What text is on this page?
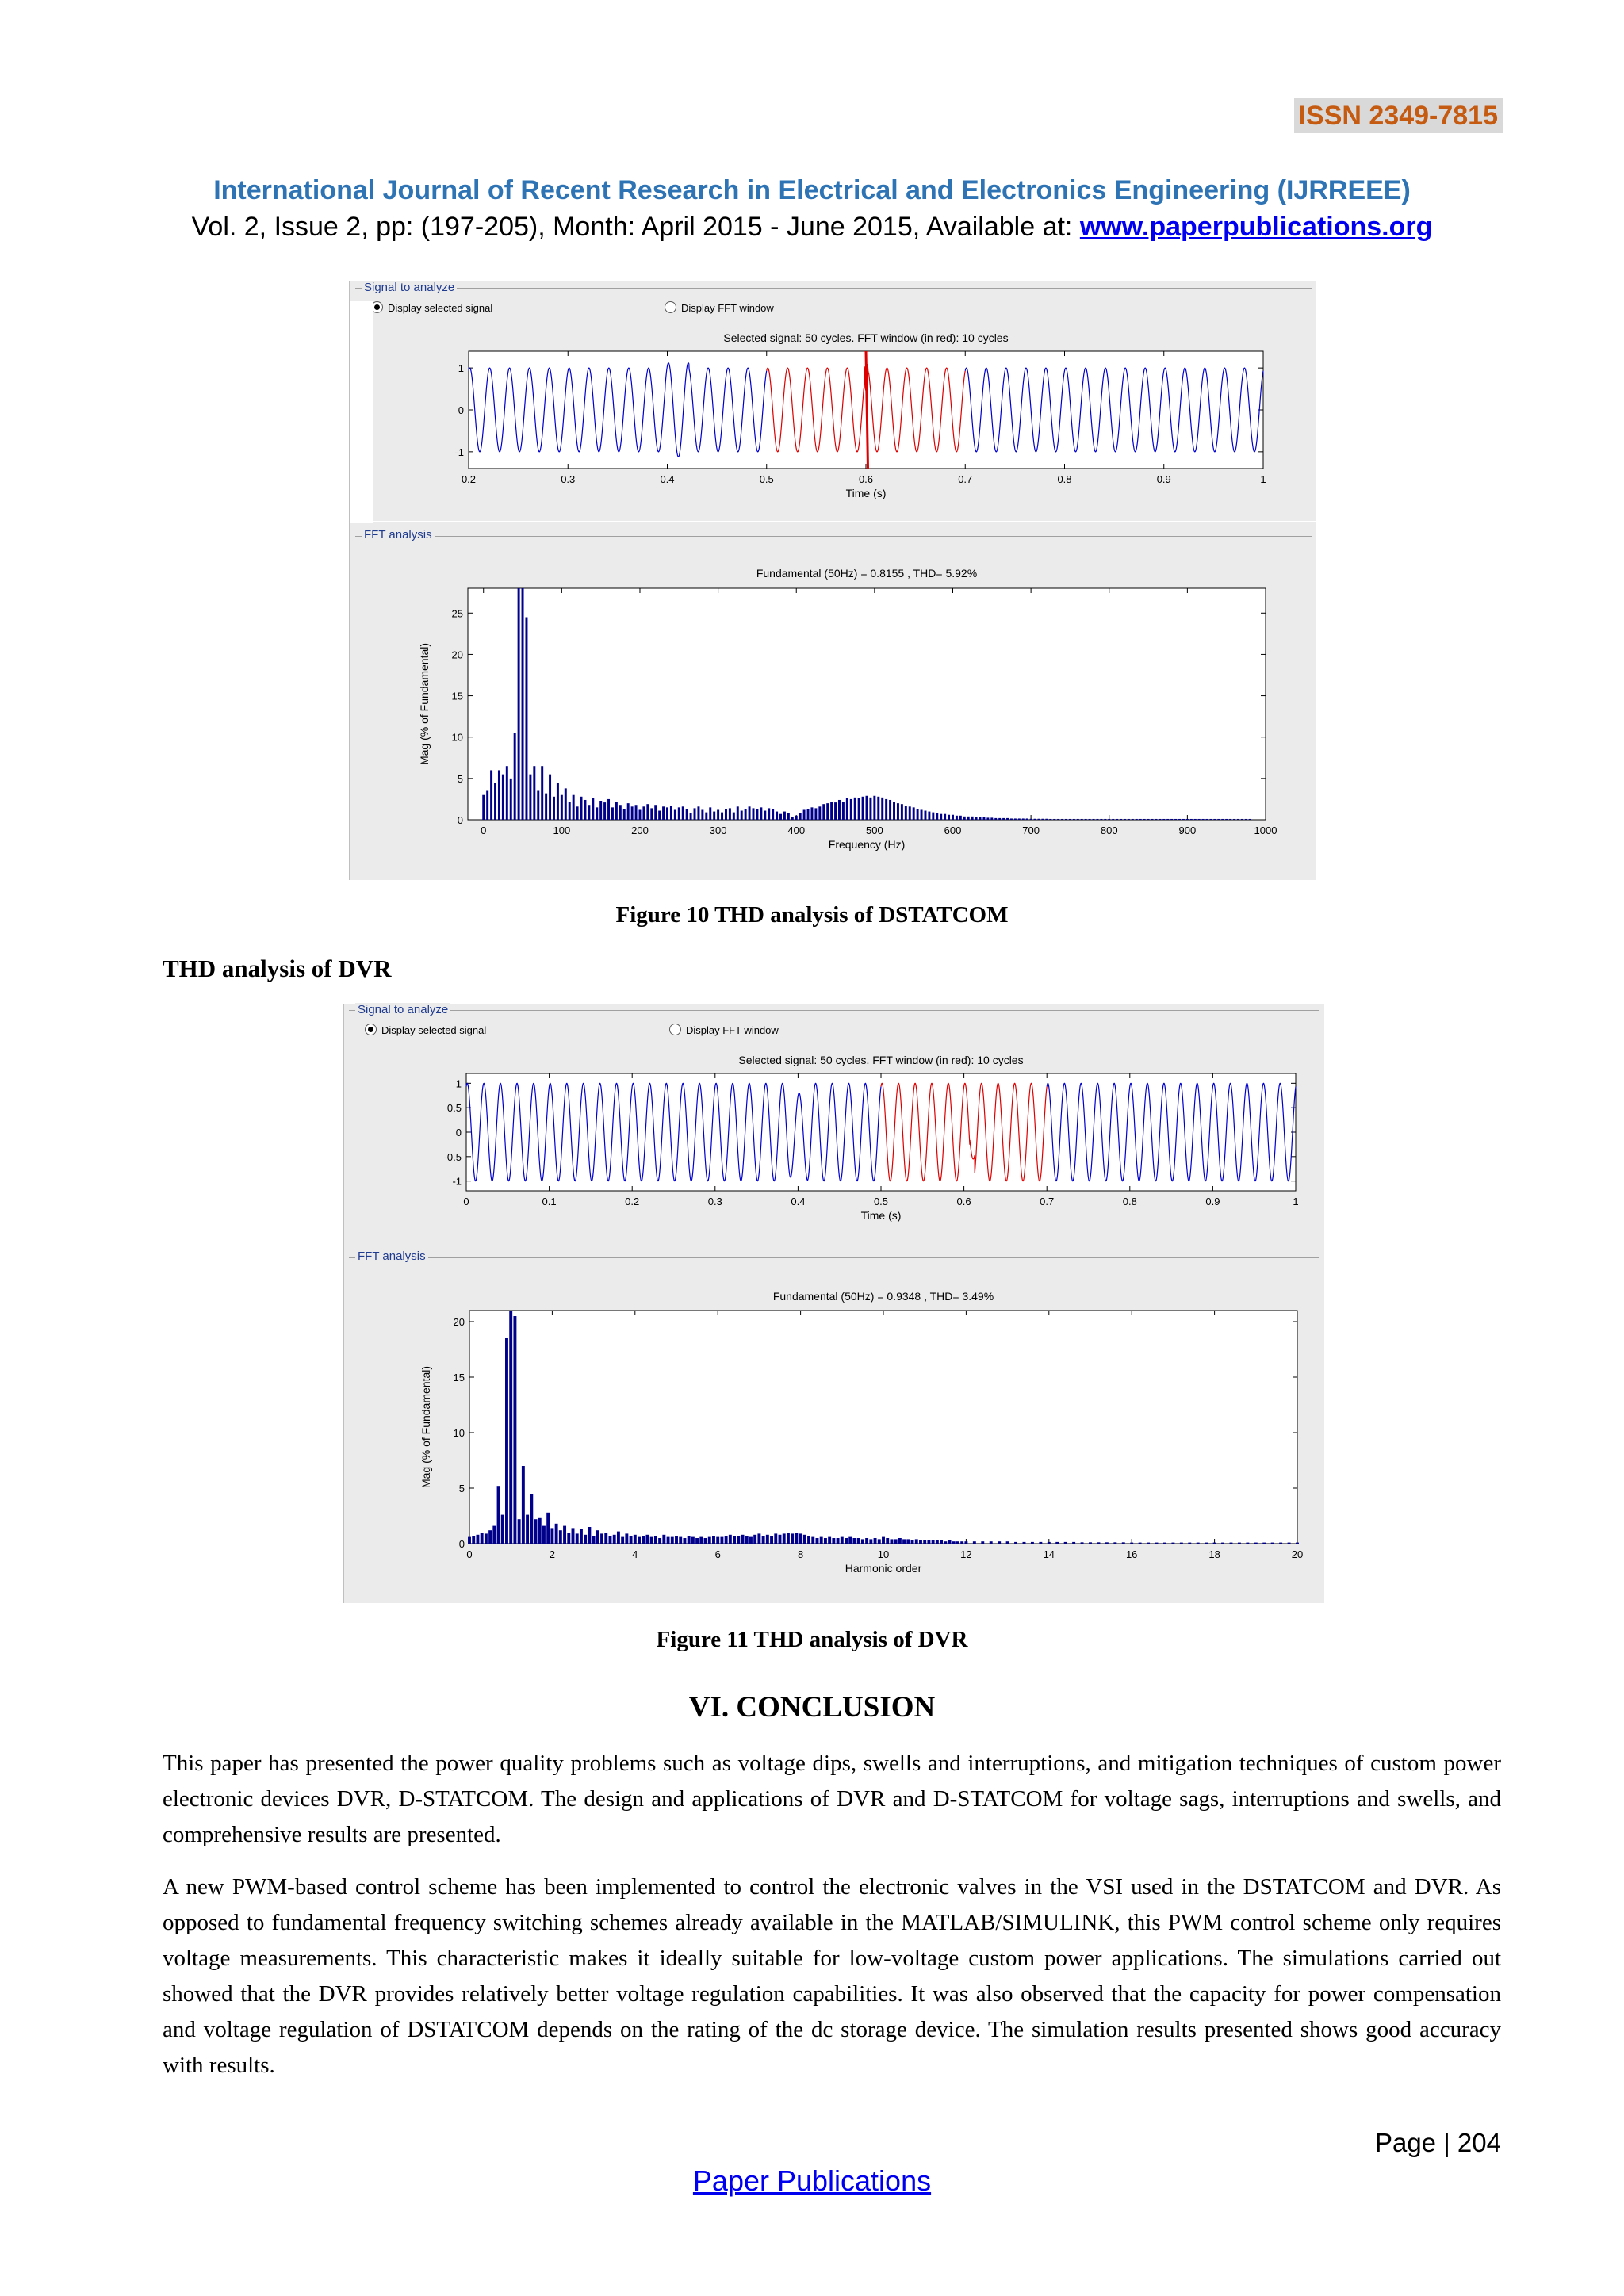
ISSN 2349-7815
International Journal of Recent Research in Electrical and Electronics Engineering (IJRREEE)
Vol. 2, Issue 2, pp: (197-205), Month: April 2015 - June 2015, Available at: www.paperpublications.org
Signal to analyze
Display selected signal	Display FFT window
FFT analysis
Selected signal: 50 cycles. FFT window (in red): 10 cycles
0.2	0.3	0.4	0.5	0.6	0.7	0.8	0.9	1
-1
0
1
Time (s)
Fundamental (50Hz) = 0.8155 , THD= 5.92%
0	100	200	300	400	500	600	700	800	900	1000
0
5
10
15
20
25
Frequency (Hz)
Mag (% of Fundamental)
Figure 10 THD analysis of DSTATCOM
THD analysis of DVR
Signal to analyze
Display selected signal	Display FFT window
FFT analysis
Selected signal: 50 cycles. FFT window (in red): 10 cycles
0	0.1	0.2	0.3	0.4	0.5	0.6	0.7	0.8	0.9	1
-1
-0.5
0
0.5
1
Time (s)
Fundamental (50Hz) = 0.9348 , THD= 3.49%
0	2	4	6	8	10	12	14	16	18	20
0
5
10
15
20
Harmonic order
Mag (% of Fundamental)
Figure 11 THD analysis of DVR
VI. CONCLUSION
This paper has presented the power quality problems such as voltage dips, swells and interruptions, and mitigation techniques of custom power electronic devices DVR, D-STATCOM. The design and applications of DVR and D-STATCOM for voltage sags, interruptions and swells, and comprehensive results are presented.
A new PWM-based control scheme has been implemented to control the electronic valves in the VSI used in the DSTATCOM and DVR. As opposed to fundamental frequency switching schemes already available in the MATLAB/SIMULINK, this PWM control scheme only requires voltage measurements. This characteristic makes it ideally suitable for low-voltage custom power applications. The simulations carried out showed that the DVR provides relatively better voltage regulation capabilities. It was also observed that the capacity for power compensation and voltage regulation of DSTATCOM depends on the rating of the dc storage device. The simulation results presented shows good accuracy with results.
Page | 204
Paper Publications
